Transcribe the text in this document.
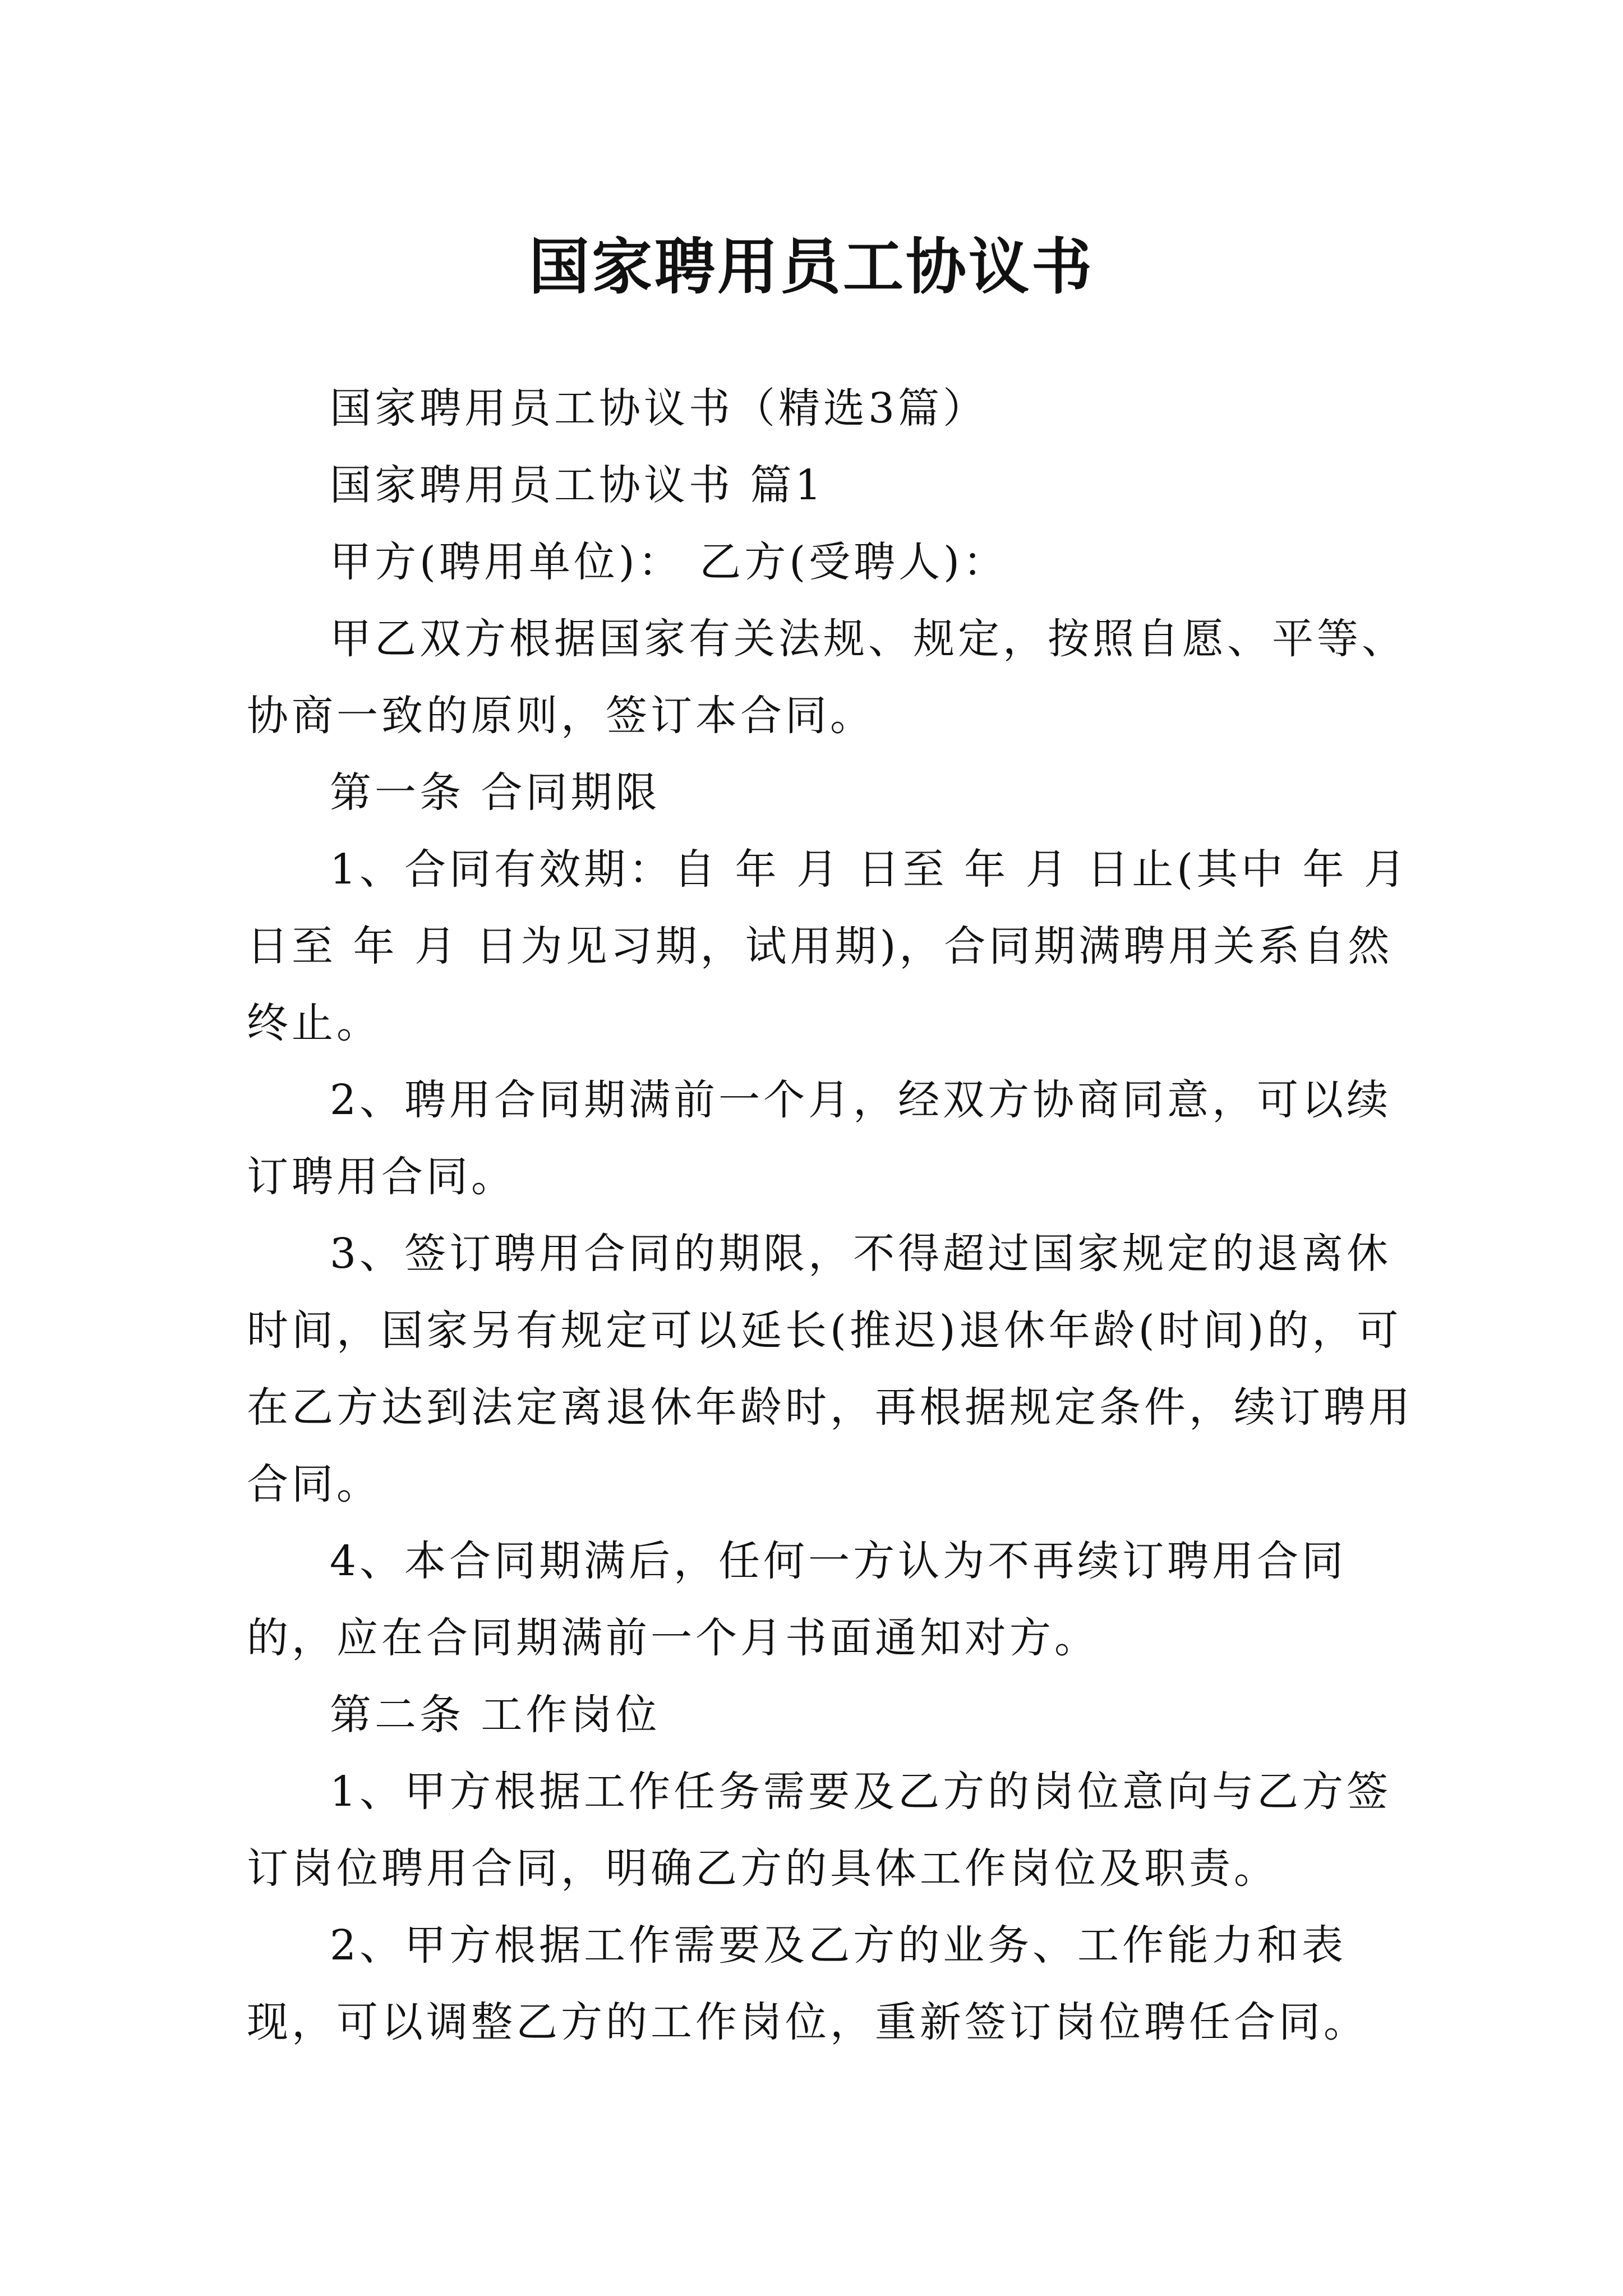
国家聘用员工协议书

国家聘用员工协议书（精选3篇）

国家聘用员工协议书 篇1

甲方(聘用单位)： 乙方(受聘人)：

甲乙双方根据国家有关法规、规定，按照自愿、平等、协商一致的原则，签订本合同。

第一条 合同期限

1、合同有效期：自 年 月 日至 年 月 日止(其中 年 月 日至 年 月 日为见习期，试用期)，合同期满聘用关系自然终止。

2、聘用合同期满前一个月，经双方协商同意，可以续订聘用合同。

3、签订聘用合同的期限，不得超过国家规定的退离休时间，国家另有规定可以延长(推迟)退休年龄(时间)的，可在乙方达到法定离退休年龄时，再根据规定条件，续订聘用合同。

4、本合同期满后，任何一方认为不再续订聘用合同的，应在合同期满前一个月书面通知对方。

第二条 工作岗位

1、甲方根据工作任务需要及乙方的岗位意向与乙方签订岗位聘用合同，明确乙方的具体工作岗位及职责。

2、甲方根据工作需要及乙方的业务、工作能力和表现，可以调整乙方的工作岗位，重新签订岗位聘任合同。
